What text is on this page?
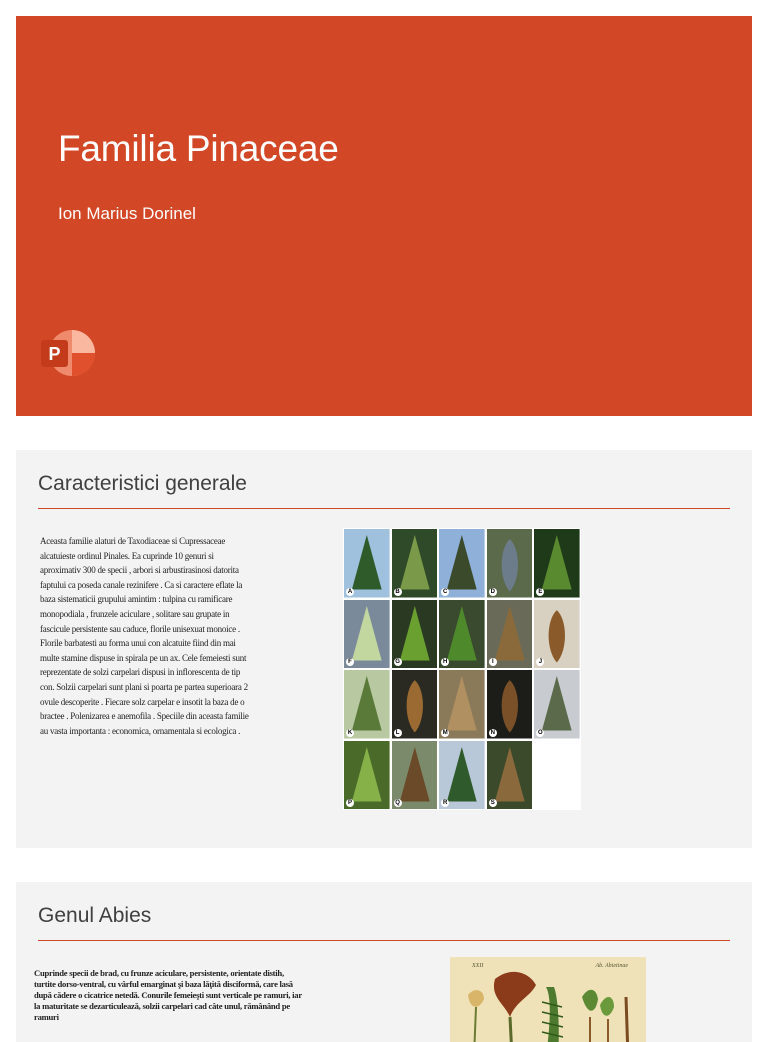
Familia Pinaceae
Ion Marius Dorinel
P
Caracteristici generale
Aceasta familie alaturi de Taxodiaceae si Cupressaceae alcatuieste ordinul Pinales. Ea cuprinde 10 genuri si aproximativ 300 de specii , arbori si arbustirasinosi datorita faptului ca poseda canale rezinifere . Ca si caractere eflate la baza sistematicii grupului amintim : tulpina cu ramificare monopodiala , frunzele aciculare , solitare sau grupate in fascicule persistente sau caduce, florile unisexuat monoice . Florile barbatesti au forma unui con alcatuite fiind din mai multe stamine dispuse in spirala pe un ax. Cele femeiesti sunt reprezentate de solzi carpelari dispusi in inflorescenta de tip con. Solzii carpelari sunt plani si poarta pe partea superioara 2 ovule descoperite . Fiecare solz carpelar e insotit la baza de o bractee . Polenizarea e anemofila . Speciile din aceasta familie au vasta importanta : economica, ornamentala si ecologica .
A	B	C	D	E
F	G	H	I	J
K	L	M	N	O
P	Q	R	S
Genul Abies
Cuprinde specii de brad, cu frunze aciculare, persistente, orientate distih, turtite dorso-ventral, cu vârful emarginat şi baza lăţită disciformă, care lasă după cădere o cicatrice netedă. Conurile femeieşti sunt verticale pe ramuri, iar la maturitate se dezarticulează, solzii carpelari cad câte unul, rămânând pe ramuri
XXII	Ab. Abietinae
